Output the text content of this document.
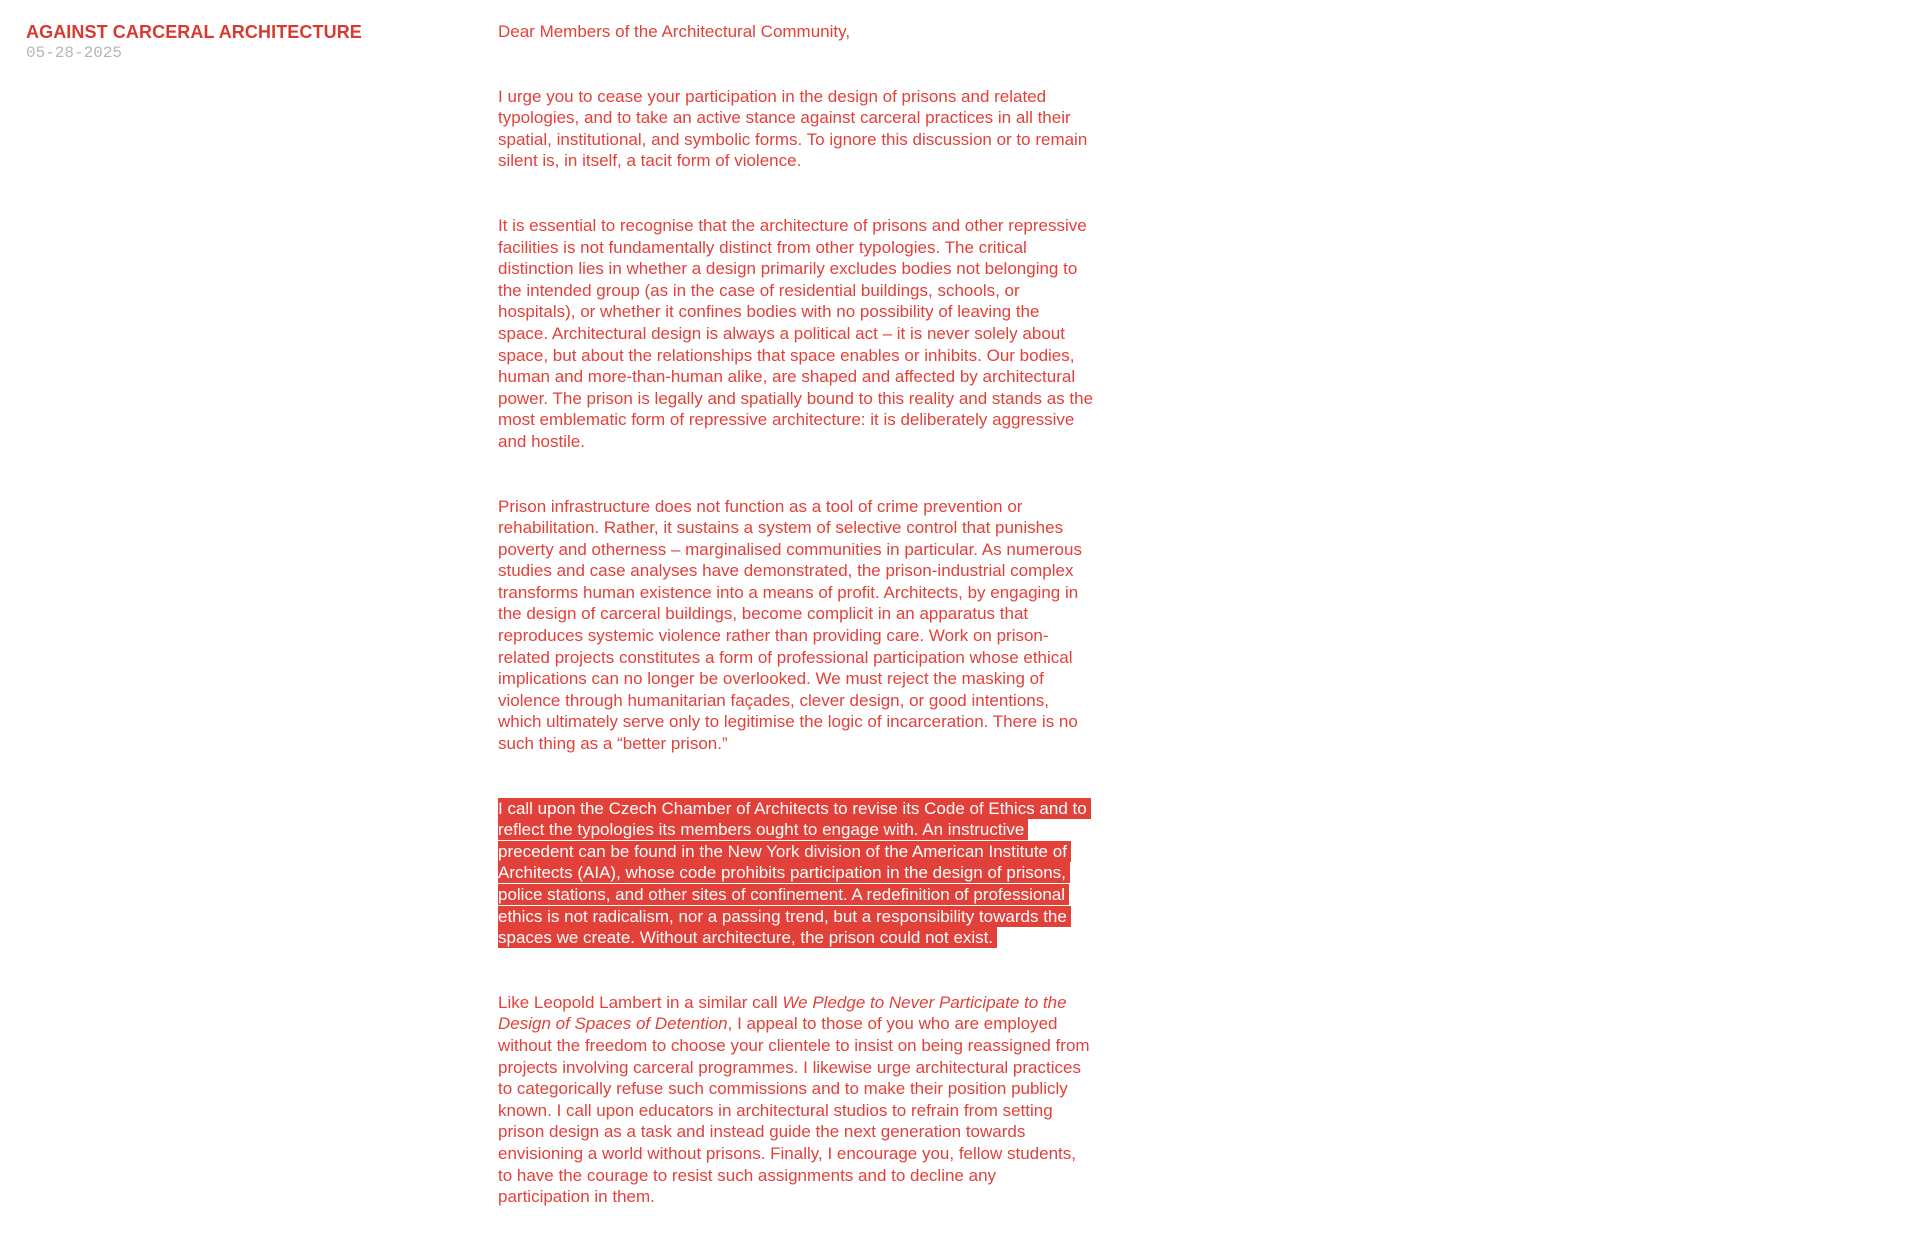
AGAINST CARCERAL ARCHITECTURE
05-28-2025

Dear Members of the Architectural Community,

I urge you to cease your participation in the design of prisons and related
typologies, and to take an active stance against carceral practices in all their
spatial, institutional, and symbolic forms. To ignore this discussion or to remain
silent is, in itself, a tacit form of violence.

It is essential to recognise that the architecture of prisons and other repressive
facilities is not fundamentally distinct from other typologies. The critical
distinction lies in whether a design primarily excludes bodies not belonging to
the intended group (as in the case of residential buildings, schools, or
hospitals), or whether it confines bodies with no possibility of leaving the
space. Architectural design is always a political act – it is never solely about
space, but about the relationships that space enables or inhibits. Our bodies,
human and more-than-human alike, are shaped and affected by architectural
power. The prison is legally and spatially bound to this reality and stands as the
most emblematic form of repressive architecture: it is deliberately aggressive
and hostile.

Prison infrastructure does not function as a tool of crime prevention or
rehabilitation. Rather, it sustains a system of selective control that punishes
poverty and otherness – marginalised communities in particular. As numerous
studies and case analyses have demonstrated, the prison-industrial complex
transforms human existence into a means of profit. Architects, by engaging in
the design of carceral buildings, become complicit in an apparatus that
reproduces systemic violence rather than providing care. Work on prison-
related projects constitutes a form of professional participation whose ethical
implications can no longer be overlooked. We must reject the masking of
violence through humanitarian façades, clever design, or good intentions,
which ultimately serve only to legitimise the logic of incarceration. There is no
such thing as a “better prison.”

I call upon the Czech Chamber of Architects to revise its Code of Ethics and to
reflect the typologies its members ought to engage with. An instructive
precedent can be found in the New York division of the American Institute of
Architects (AIA), whose code prohibits participation in the design of prisons,
police stations, and other sites of confinement. A redefinition of professional
ethics is not radicalism, nor a passing trend, but a responsibility towards the
spaces we create. Without architecture, the prison could not exist.

Like Leopold Lambert in a similar call We Pledge to Never Participate to the
Design of Spaces of Detention, I appeal to those of you who are employed
without the freedom to choose your clientele to insist on being reassigned from
projects involving carceral programmes. I likewise urge architectural practices
to categorically refuse such commissions and to make their position publicly
known. I call upon educators in architectural studios to refrain from setting
prison design as a task and instead guide the next generation towards
envisioning a world without prisons. Finally, I encourage you, fellow students,
to have the courage to resist such assignments and to decline any
participation in them.
